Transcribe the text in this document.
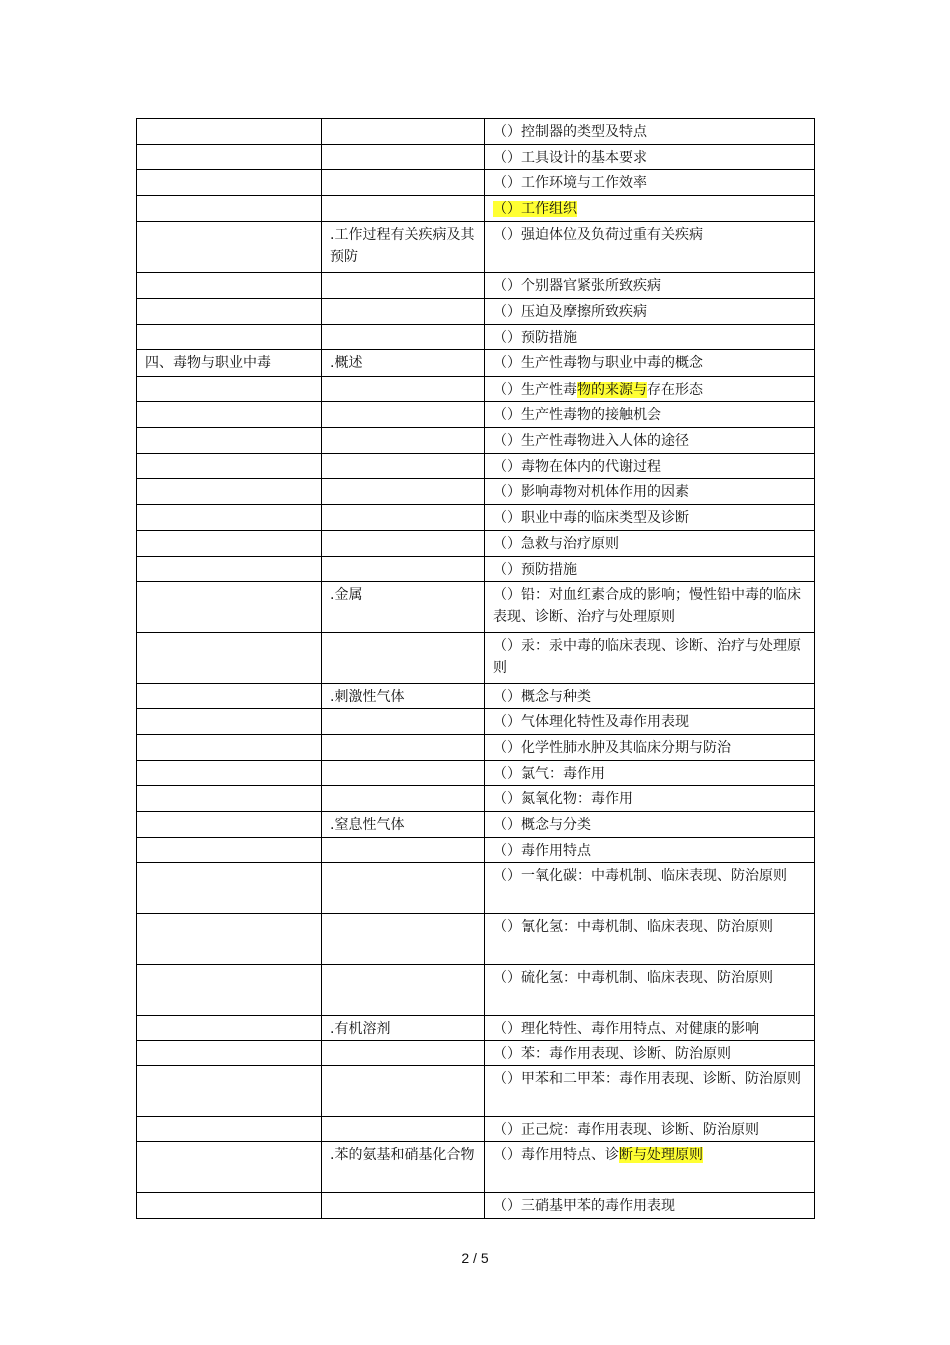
		（）控制器的类型及特点
		（）工具设计的基本要求
		（）工作环境与工作效率
		（）工作组织
	.工作过程有关疾病及其预防	（）强迫体位及负荷过重有关疾病
		（）个别器官紧张所致疾病
		（）压迫及摩擦所致疾病
		（）预防措施
四、毒物与职业中毒	.概述	（）生产性毒物与职业中毒的概念
		（）生产性毒物的来源与存在形态
		（）生产性毒物的接触机会
		（）生产性毒物进入人体的途径
		（）毒物在体内的代谢过程
		（）影响毒物对机体作用的因素
		（）职业中毒的临床类型及诊断
		（）急救与治疗原则
		（）预防措施
	.金属	（）铅：对血红素合成的影响；慢性铅中毒的临床表现、诊断、治疗与处理原则
		（）汞：汞中毒的临床表现、诊断、治疗与处理原则
	.刺激性气体	（）概念与种类
		（）气体理化特性及毒作用表现
		（）化学性肺水肿及其临床分期与防治
		（）氯气：毒作用
		（）氮氧化物：毒作用
	.窒息性气体	（）概念与分类
		（）毒作用特点
		（）一氧化碳：中毒机制、临床表现、防治原则
		（）氰化氢：中毒机制、临床表现、防治原则
		（）硫化氢：中毒机制、临床表现、防治原则
	.有机溶剂	（）理化特性、毒作用特点、对健康的影响
		（）苯：毒作用表现、诊断、防治原则
		（）甲苯和二甲苯：毒作用表现、诊断、防治原则
		（）正己烷：毒作用表现、诊断、防治原则
	.苯的氨基和硝基化合物	（）毒作用特点、诊断与处理原则
		（）三硝基甲苯的毒作用表现
2 / 5
